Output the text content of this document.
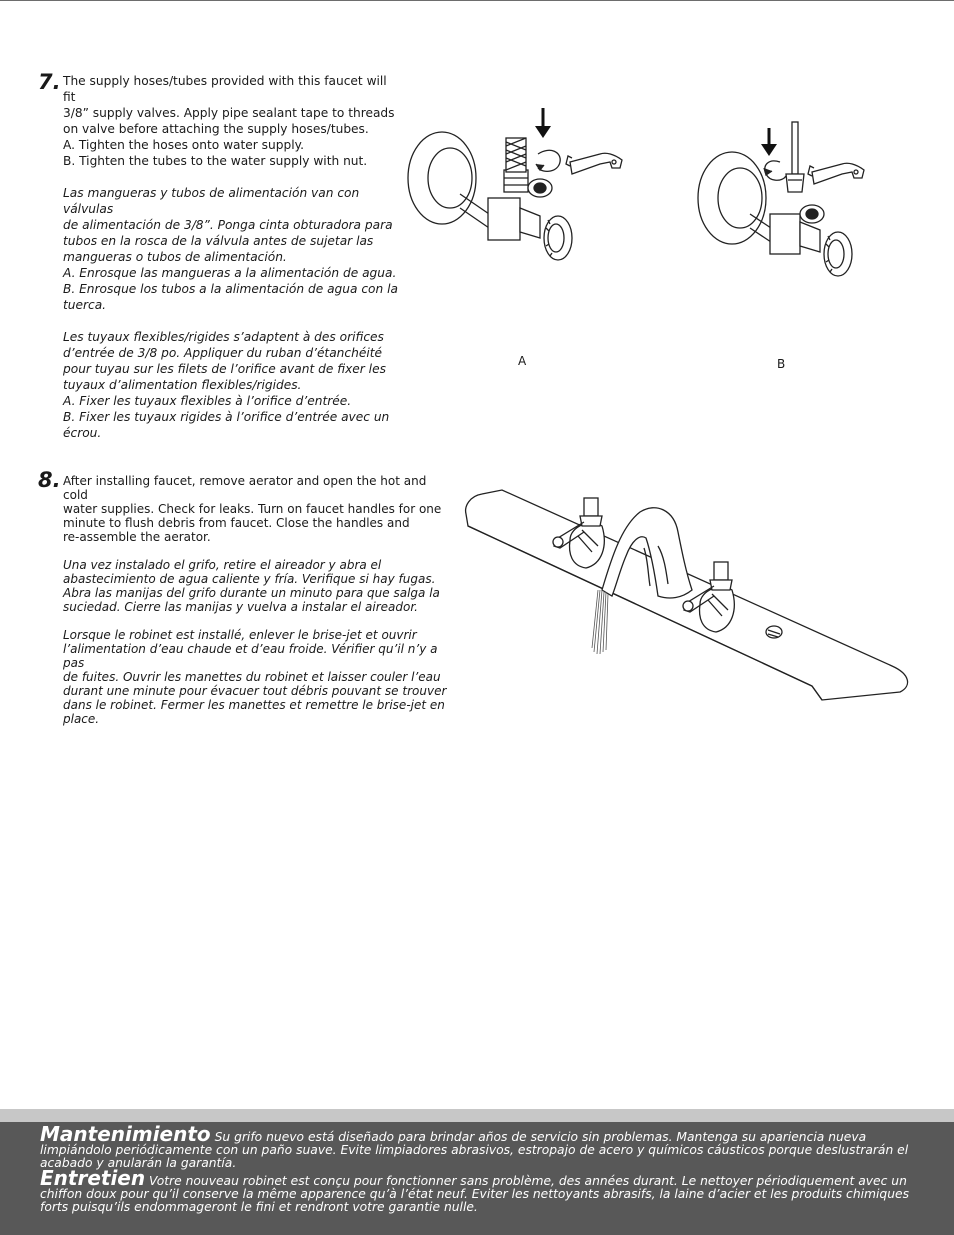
7. The supply hoses/tubes provided with this faucet will fit
3/8” supply valves. Apply pipe sealant tape to threads
on valve before attaching the supply hoses/tubes.
A. Tighten the hoses onto water supply.
B. Tighten the tubes to the water supply with nut.

Las mangueras y tubos de alimentación van con válvulas
de alimentación de 3/8”. Ponga cinta obturadora para
tubos en la rosca de la válvula antes de sujetar las
mangueras o tubos de alimentación.
A. Enrosque las mangueras a la alimentación de agua.
B. Enrosque los tubos a la alimentación de agua con la
tuerca.

Les tuyaux flexibles/rigides s’adaptent à des orifices
d’entrée de 3/8 po. Appliquer du ruban d’étanchéité
pour tuyau sur les filets de l’orifice avant de fixer les
tuyaux d’alimentation flexibles/rigides.
A. Fixer les tuyaux flexibles à l’orifice d’entrée.
B. Fixer les tuyaux rigides à l’orifice d’entrée avec un
écrou.

A	B
8. After installing faucet, remove aerator and open the hot and cold
water supplies. Check for leaks. Turn on faucet handles for one
minute to flush debris from faucet. Close the handles and
re-assemble the aerator.

Una vez instalado el grifo, retire el aireador y abra el
abastecimiento de agua caliente y fría. Verifique si hay fugas.
Abra las manijas del grifo durante un minuto para que salga la
suciedad. Cierre las manijas y vuelva a instalar el aireador.

Lorsque le robinet est installé, enlever le brise-jet et ouvrir
l’alimentation d’eau chaude et d’eau froide. Vérifier qu’il n’y a pas
de fuites. Ouvrir les manettes du robinet et laisser couler l’eau
durant une minute pour évacuer tout débris pouvant se trouver
dans le robinet. Fermer les manettes et remettre le brise-jet en
place.

Mantenimiento Su grifo nuevo está diseñado para brindar años de servicio sin problemas. Mantenga su apariencia nueva limpiándolo periódicamente con un paño suave. Evite limpiadores abrasivos, estropajo de acero y químicos cáusticos porque deslustrarán el acabado y anularán la garantía.
Entretien Votre nouveau robinet est conçu pour fonctionner sans problème, des années durant. Le nettoyer périodiquement avec un chiffon doux pour qu’il conserve la même apparence qu’à l’état neuf. Eviter les nettoyants abrasifs, la laine d’acier et les produits chimiques forts puisqu’ils endommageront le fini et rendront votre garantie nulle.
